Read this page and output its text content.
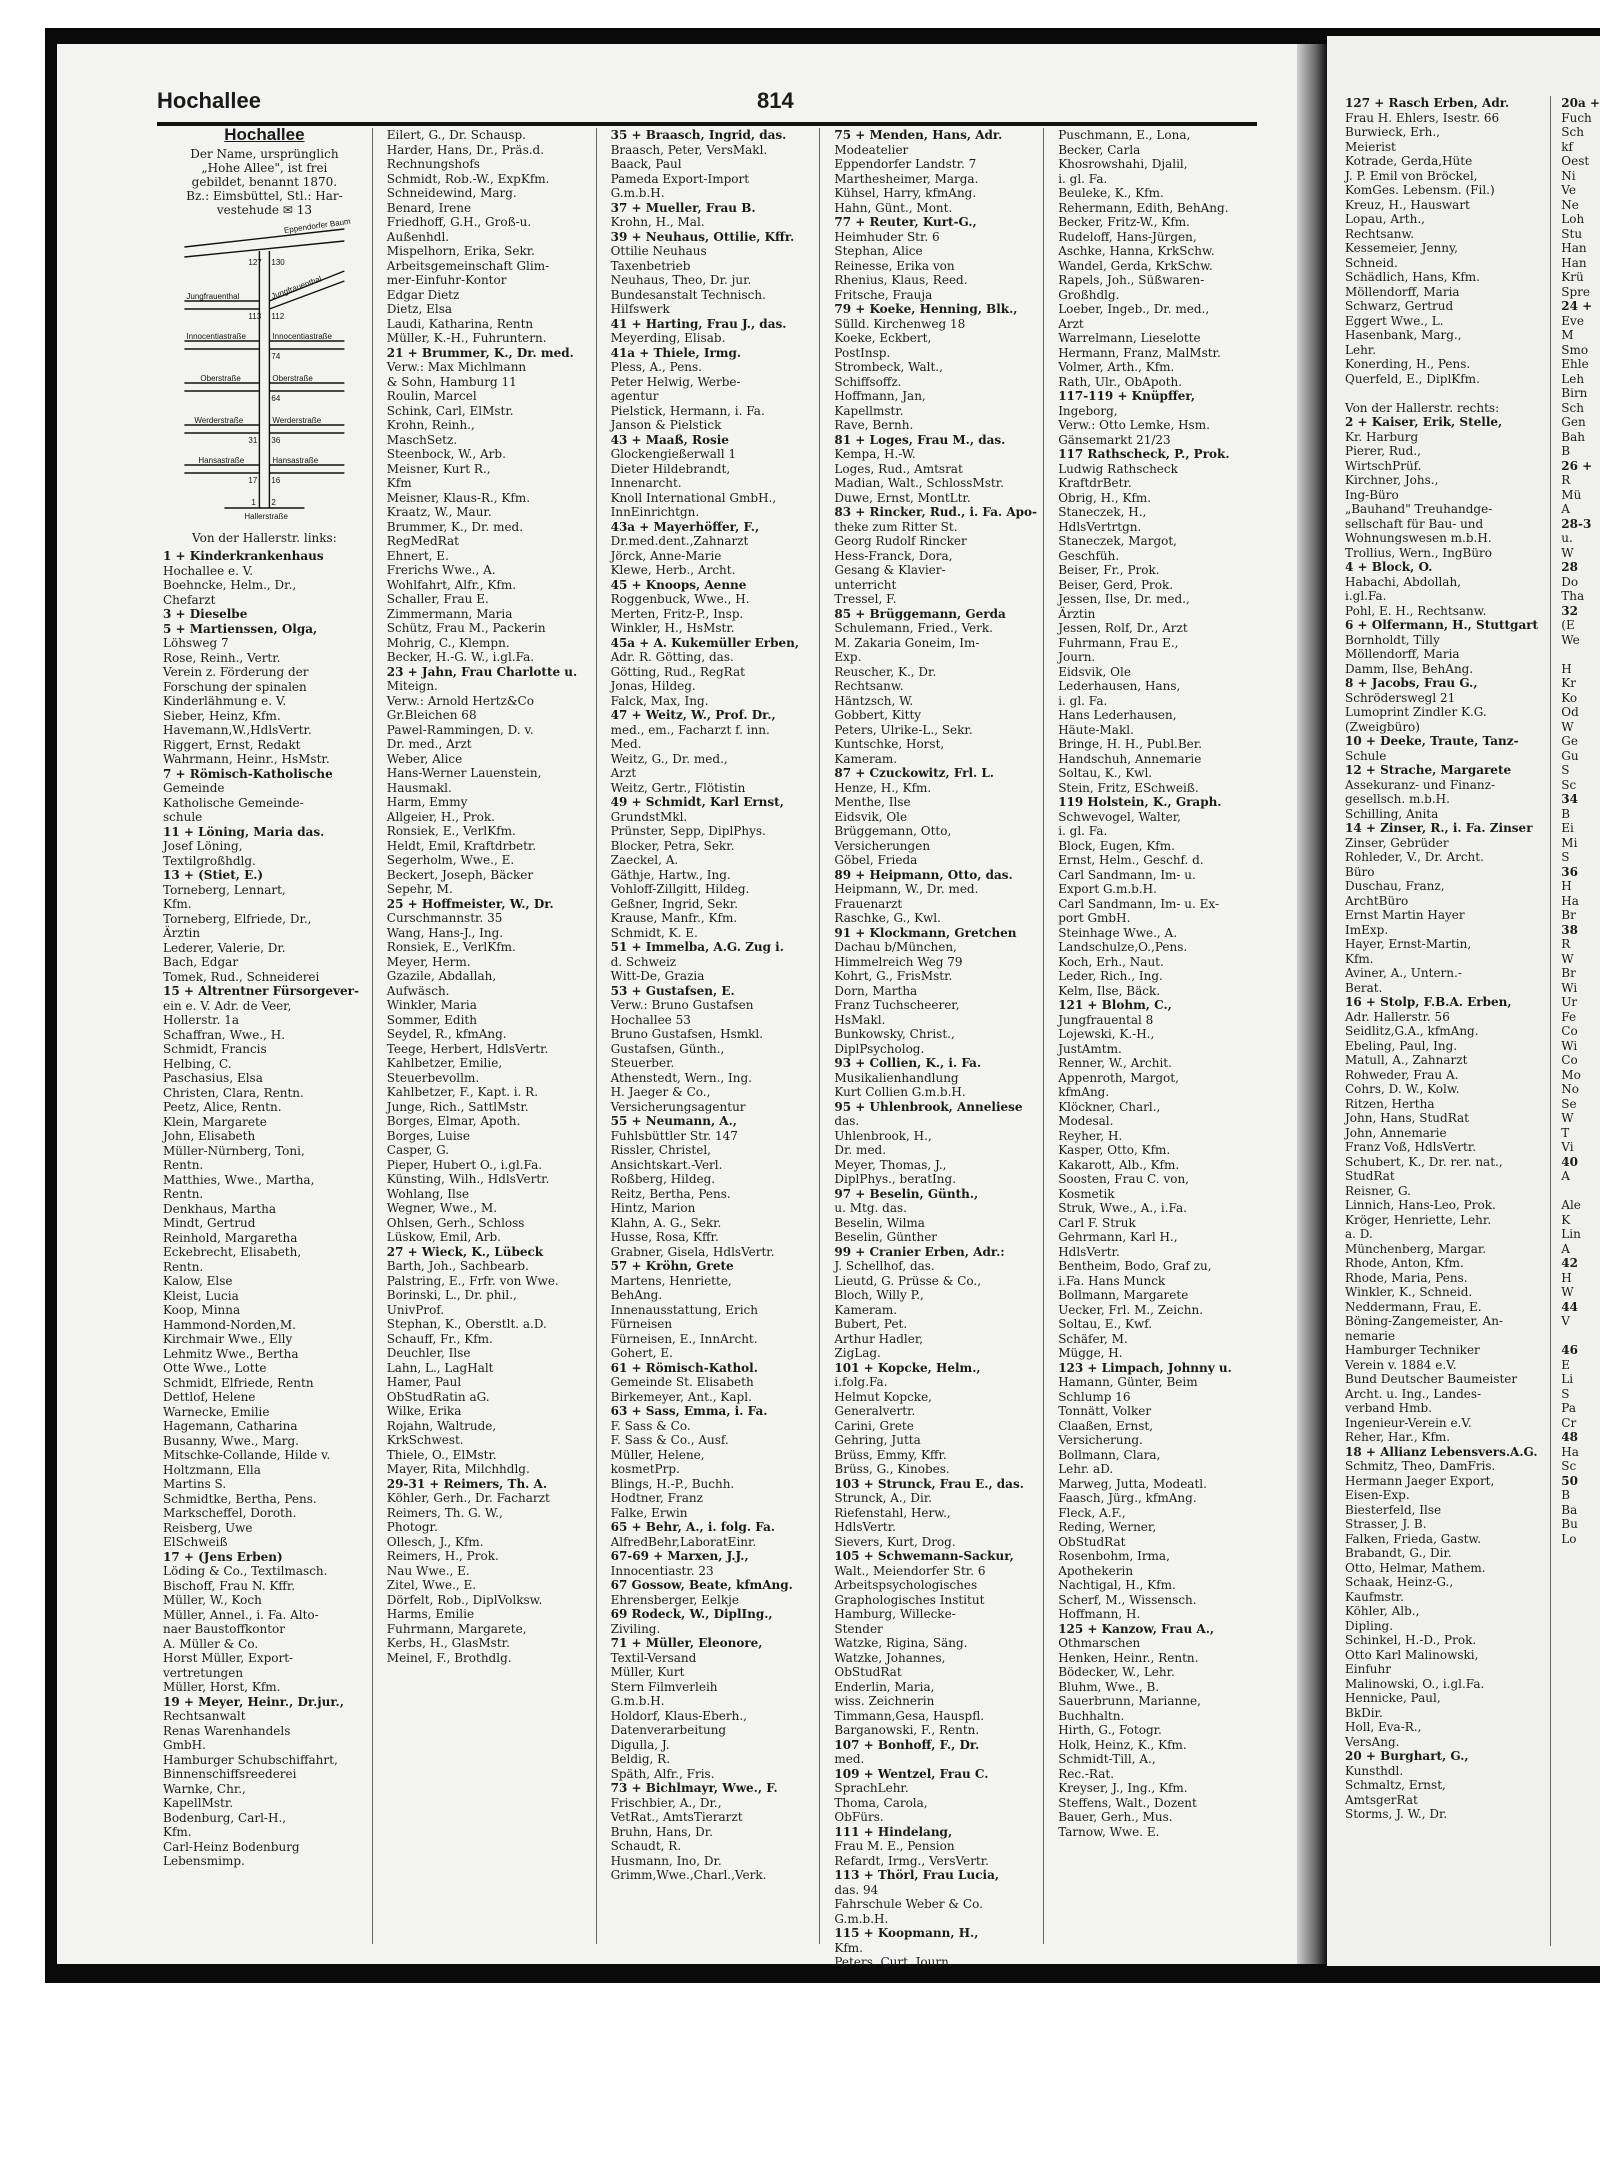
Hochallee	814
Hochallee
Der Name, ursprünglich
„Hohe Allee", ist frei
gebildet, benannt 1870.
Bz.: Eimsbüttel, Stl.: Har-
vestehude ✉ 13
Eppendorfer Baum
127 130
Jungfrauenthal	Jungfrauenthal
113 112
Innocentiastraße	Innocentiastraße
74
Oberstraße	Oberstraße
64
Werderstraße	Werderstraße
31 36
Hansastraße	Hansastraße
17 16
1 2
Hallerstraße
Von der Hallerstr. links:
1 + Kinderkrankenhaus
Hochallee e. V.
Boehncke, Helm., Dr.,
Chefarzt
3 + Dieselbe
5 + Martienssen, Olga,
Löhsweg 7
Rose, Reinh., Vertr.
Verein z. Förderung der
Forschung der spinalen
Kinderlähmung e. V.
Sieber, Heinz, Kfm.
Havemann,W.,HdlsVertr.
Riggert, Ernst, Redakt
Wahrmann, Heinr., HsMstr.
7 + Römisch-Katholische
Gemeinde
Katholische Gemeinde-
schule
11 + Löning, Maria das.
Josef Löning,
Textilgroßhdlg.
13 + (Stiet, E.)
Torneberg, Lennart,
Kfm.
Torneberg, Elfriede, Dr.,
Ärztin
Lederer, Valerie, Dr.
Bach, Edgar
Tomek, Rud., Schneiderei
15 + Altrentner Fürsorgever-
ein e. V. Adr. de Veer,
Hollerstr. 1a
Schaffran, Wwe., H.
Schmidt, Francis
Helbing, C.
Paschasius, Elsa
Christen, Clara, Rentn.
Peetz, Alice, Rentn.
Klein, Margarete
John, Elisabeth
Müller-Nürnberg, Toni,
Rentn.
Matthies, Wwe., Martha,
Rentn.
Denkhaus, Martha
Mindt, Gertrud
Reinhold, Margaretha
Eckebrecht, Elisabeth,
Rentn.
Kalow, Else
Kleist, Lucia
Koop, Minna
Hammond-Norden,M.
Kirchmair Wwe., Elly
Lehmitz Wwe., Bertha
Otte Wwe., Lotte
Schmidt, Elfriede, Rentn
Dettlof, Helene
Warnecke, Emilie
Hagemann, Catharina
Busanny, Wwe., Marg.
Mitschke-Collande, Hilde v.
Holtzmann, Ella
Martins S.
Schmidtke, Bertha, Pens.
Markscheffel, Doroth.
Reisberg, Uwe
ElSchweiß
17 + (Jens Erben)
Löding & Co., Textilmasch.
Bischoff, Frau N. Kffr.
Müller, W., Koch
Müller, Annel., i. Fa. Alto-
naer Baustoffkontor
A. Müller & Co.
Horst Müller, Export-
vertretungen
Müller, Horst, Kfm.
19 + Meyer, Heinr., Dr.jur.,
Rechtsanwalt
Renas Warenhandels
GmbH.
Hamburger Schubschiffahrt,
Binnenschiffsreederei
Warnke, Chr.,
KapellMstr.
Bodenburg, Carl-H.,
Kfm.
Carl-Heinz Bodenburg
Lebensmimp.
Eilert, G., Dr. Schausp.
Harder, Hans, Dr., Präs.d.
Rechnungshofs
Schmidt, Rob.-W., ExpKfm.
Schneidewind, Marg.
Benard, Irene
Friedhoff, G.H., Groß-u.
Außenhdl.
Mispelhorn, Erika, Sekr.
Arbeitsgemeinschaft Glim-
mer-Einfuhr-Kontor
Edgar Dietz
Dietz, Elsa
Laudi, Katharina, Rentn
Müller, K.-H., Fuhruntern.
21 + Brummer, K., Dr. med.
Verw.: Max Michlmann
& Sohn, Hamburg 11
Roulin, Marcel
Schink, Carl, ElMstr.
Krohn, Reinh.,
MaschSetz.
Steenbock, W., Arb.
Meisner, Kurt R.,
Kfm
Meisner, Klaus-R., Kfm.
Kraatz, W., Maur.
Brummer, K., Dr. med.
RegMedRat
Ehnert, E.
Frerichs Wwe., A.
Wohlfahrt, Alfr., Kfm.
Schaller, Frau E.
Zimmermann, Maria
Schütz, Frau M., Packerin
Mohrig, C., Klempn.
Becker, H.-G. W., i.gl.Fa.
23 + Jahn, Frau Charlotte u.
Miteign.
Verw.: Arnold Hertz&Co
Gr.Bleichen 68
Pawel-Rammingen, D. v.
Dr. med., Arzt
Weber, Alice
Hans-Werner Lauenstein,
Hausmakl.
Harm, Emmy
Allgeier, H., Prok.
Ronsiek, E., VerlKfm.
Heldt, Emil, Kraftdrbetr.
Segerholm, Wwe., E.
Beckert, Joseph, Bäcker
Sepehr, M.
25 + Hoffmeister, W., Dr.
Curschmannstr. 35
Wang, Hans-J., Ing.
Ronsiek, E., VerlKfm.
Meyer, Herm.
Gzazile, Abdallah,
Aufwäsch.
Winkler, Maria
Sommer, Edith
Seydel, R., kfmAng.
Teege, Herbert, HdlsVertr.
Kahlbetzer, Emilie,
Steuerbevollm.
Kahlbetzer, F., Kapt. i. R.
Junge, Rich., SattlMstr.
Borges, Elmar, Apoth.
Borges, Luise
Casper, G.
Pieper, Hubert O., i.gl.Fa.
Künsting, Wilh., HdlsVertr.
Wohlang, Ilse
Wegner, Wwe., M.
Ohlsen, Gerh., Schloss
Lüskow, Emil, Arb.
27 + Wieck, K., Lübeck
Barth, Joh., Sachbearb.
Palstring, E., Frfr. von Wwe.
Borinski, L., Dr. phil.,
UnivProf.
Stephan, K., Oberstlt. a.D.
Schauff, Fr., Kfm.
Deuchler, Ilse
Lahn, L., LagHalt
Hamer, Paul
ObStudRatin aG.
Wilke, Erika
Rojahn, Waltrude,
KrkSchwest.
Thiele, O., ElMstr.
Mayer, Rita, Milchhdlg.
29-31 + Reimers, Th. A.
Köhler, Gerh., Dr. Facharzt
Reimers, Th. G. W.,
Photogr.
Ollesch, J., Kfm.
Reimers, H., Prok.
Nau Wwe., E.
Zitel, Wwe., E.
Dörfelt, Rob., DiplVolksw.
Harms, Emilie
Fuhrmann, Margarete,
Kerbs, H., GlasMstr.
Meinel, F., Brothdlg.
35 + Braasch, Ingrid, das.
Braasch, Peter, VersMakl.
Baack, Paul
Pameda Export-Import
G.m.b.H.
37 + Mueller, Frau B.
Krohn, H., Mal.
39 + Neuhaus, Ottilie, Kffr.
Ottilie Neuhaus
Taxenbetrieb
Neuhaus, Theo, Dr. jur.
Bundesanstalt Technisch.
Hilfswerk
41 + Harting, Frau J., das.
Meyerding, Elisab.
41a + Thiele, Irmg.
Pless, A., Pens.
Peter Helwig, Werbe-
agentur
Pielstick, Hermann, i. Fa.
Janson & Pielstick
43 + Maaß, Rosie
Glockengießerwall 1
Dieter Hildebrandt,
Innenarcht.
Knoll International GmbH.,
InnEinrichtgn.
43a + Mayerhöffer, F.,
Dr.med.dent.,Zahnarzt
Jörck, Anne-Marie
Klewe, Herb., Archt.
45 + Knoops, Aenne
Roggenbuck, Wwe., H.
Merten, Fritz-P., Insp.
Winkler, H., HsMstr.
45a + A. Kukemüller Erben,
Adr. R. Götting, das.
Götting, Rud., RegRat
Jonas, Hildeg.
Falck, Max, Ing.
47 + Weitz, W., Prof. Dr.,
med., em., Facharzt f. inn.
Med.
Weitz, G., Dr. med.,
Arzt
Weitz, Gertr., Flötistin
49 + Schmidt, Karl Ernst,
GrundstMkl.
Prünster, Sepp, DiplPhys.
Blocker, Petra, Sekr.
Zaeckel, A.
Gäthje, Hartw., Ing.
Vohloff-Zillgitt, Hildeg.
Geßner, Ingrid, Sekr.
Krause, Manfr., Kfm.
Schmidt, K. E.
51 + Immelba, A.G. Zug i.
d. Schweiz
Witt-De, Grazia
53 + Gustafsen, E.
Verw.: Bruno Gustafsen
Hochallee 53
Bruno Gustafsen, Hsmkl.
Gustafsen, Günth.,
Steuerber.
Athenstedt, Wern., Ing.
H. Jaeger & Co.,
Versicherungsagentur
55 + Neumann, A.,
Fuhlsbüttler Str. 147
Rissler, Christel,
Ansichtskart.-Verl.
Roßberg, Hildeg.
Reitz, Bertha, Pens.
Hintz, Marion
Klahn, A. G., Sekr.
Husse, Rosa, Kffr.
Grabner, Gisela, HdlsVertr.
57 + Kröhn, Grete
Martens, Henriette,
BehAng.
Innenausstattung, Erich
Fürneisen
Fürneisen, E., InnArcht.
Gohert, E.
61 + Römisch-Kathol.
Gemeinde St. Elisabeth
Birkemeyer, Ant., Kapl.
63 + Sass, Emma, i. Fa.
F. Sass & Co.
F. Sass & Co., Ausf.
Müller, Helene,
kosmetPrp.
Blings, H.-P., Buchh.
Hodtner, Franz
Falke, Erwin
65 + Behr, A., i. folg. Fa.
AlfredBehr,LaboratEinr.
67-69 + Marxen, J.J.,
Innocentiastr. 23
67 Gossow, Beate, kfmAng.
Ehrensberger, Eelkje
69 Rodeck, W., DiplIng.,
Ziviling.
71 + Müller, Eleonore,
Textil-Versand
Müller, Kurt
Stern Filmverleih
G.m.b.H.
Holdorf, Klaus-Eberh.,
Datenverarbeitung
Digulla, J.
Beldig, R.
Späth, Alfr., Fris.
73 + Bichlmayr, Wwe., F.
Frischbier, A., Dr.,
VetRat., AmtsTierarzt
Bruhn, Hans, Dr.
Schaudt, R.
Husmann, Ino, Dr.
Grimm,Wwe.,Charl.,Verk.
75 + Menden, Hans, Adr.
Modeatelier
Eppendorfer Landstr. 7
Marthesheimer, Marga.
Kühsel, Harry, kfmAng.
Hahn, Günt., Mont.
77 + Reuter, Kurt-G.,
Heimhuder Str. 6
Stephan, Alice
Reinesse, Erika von
Rhenius, Klaus, Reed.
Fritsche, Frauja
79 + Koeke, Henning, Blk.,
Sülld. Kirchenweg 18
Koeke, Eckbert,
PostInsp.
Strombeck, Walt.,
Schiffsoffz.
Hoffmann, Jan,
Kapellmstr.
Rave, Bernh.
81 + Loges, Frau M., das.
Kempa, H.-W.
Loges, Rud., Amtsrat
Madian, Walt., SchlossMstr.
Duwe, Ernst, MontLtr.
83 + Rincker, Rud., i. Fa. Apo-
theke zum Ritter St.
Georg Rudolf Rincker
Hess-Franck, Dora,
Gesang & Klavier-
unterricht
Tressel, F.
85 + Brüggemann, Gerda
Schulemann, Fried., Verk.
M. Zakaria Goneim, Im-
Exp.
Reuscher, K., Dr.
Rechtsanw.
Häntzsch, W.
Gobbert, Kitty
Peters, Ulrike-L., Sekr.
Kuntschke, Horst,
Kameram.
87 + Czuckowitz, Frl. L.
Henze, H., Kfm.
Menthe, Ilse
Eidsvik, Ole
Brüggemann, Otto,
Versicherungen
Göbel, Frieda
89 + Heipmann, Otto, das.
Heipmann, W., Dr. med.
Frauenarzt
Raschke, G., Kwl.
91 + Klockmann, Gretchen
Dachau b/München,
Himmelreich Weg 79
Kohrt, G., FrisMstr.
Dorn, Martha
Franz Tuchscheerer,
HsMakl.
Bunkowsky, Christ.,
DiplPsycholog.
93 + Collien, K., i. Fa.
Musikalienhandlung
Kurt Collien G.m.b.H.
95 + Uhlenbrook, Anneliese
das.
Uhlenbrook, H.,
Dr. med.
Meyer, Thomas, J.,
DiplPhys., beratIng.
97 + Beselin, Günth.,
u. Mtg. das.
Beselin, Wilma
Beselin, Günther
99 + Cranier Erben, Adr.:
J. Schellhof, das.
Lieutd, G. Prüsse & Co.,
Bloch, Willy P.,
Kameram.
Bubert, Pet.
Arthur Hadler,
ZigLag.
101 + Kopcke, Helm.,
i.folg.Fa.
Helmut Kopcke,
Generalvertr.
Carini, Grete
Gehring, Jutta
Brüss, Emmy, Kffr.
Brüss, G., Kinobes.
103 + Strunck, Frau E., das.
Strunck, A., Dir.
Riefenstahl, Herw.,
HdlsVertr.
Sievers, Kurt, Drog.
105 + Schwemann-Sackur,
Walt., Meiendorfer Str. 6
Arbeitspsychologisches
Graphologisches Institut
Hamburg, Willecke-
Stender
Watzke, Rigina, Säng.
Watzke, Johannes,
ObStudRat
Enderlin, Maria,
wiss. Zeichnerin
Timmann,Gesa, Hauspfl.
Barganowski, F., Rentn.
107 + Bonhoff, F., Dr.
med.
109 + Wentzel, Frau C.
SprachLehr.
Thoma, Carola,
ObFürs.
111 + Hindelang,
Frau M. E., Pension
Refardt, Irmg., VersVertr.
113 + Thörl, Frau Lucia,
das. 94
Fahrschule Weber & Co.
G.m.b.H.
115 + Koopmann, H.,
Kfm.
Peters, Curt, Journ.
Puschmann, E., Lona,
Becker, Carla
Khosrowshahi, Djalil,
i. gl. Fa.
Beuleke, K., Kfm.
Rehermann, Edith, BehAng.
Becker, Fritz-W., Kfm.
Rudeloff, Hans-Jürgen,
Aschke, Hanna, KrkSchw.
Wandel, Gerda, KrkSchw.
Rapels, Joh., Süßwaren-
Großhdlg.
Loeber, Ingeb., Dr. med.,
Arzt
Warrelmann, Lieselotte
Hermann, Franz, MalMstr.
Volmer, Arth., Kfm.
Rath, Ulr., ObApoth.
117-119 + Knüpffer,
Ingeborg,
Verw.: Otto Lemke, Hsm.
Gänsemarkt 21/23
117 Rathscheck, P., Prok.
Ludwig Rathscheck
KraftdrBetr.
Obrig, H., Kfm.
Staneczek, H.,
HdlsVertrtgn.
Staneczek, Margot,
Geschfüh.
Beiser, Fr., Prok.
Beiser, Gerd, Prok.
Jessen, Ilse, Dr. med.,
Ärztin
Jessen, Rolf, Dr., Arzt
Fuhrmann, Frau E.,
Journ.
Eidsvik, Ole
Lederhausen, Hans,
i. gl. Fa.
Hans Lederhausen,
Häute-Makl.
Bringe, H. H., Publ.Ber.
Handschuh, Annemarie
Soltau, K., Kwl.
Stein, Fritz, ESchweiß.
119 Holstein, K., Graph.
Schwevogel, Walter,
i. gl. Fa.
Block, Eugen, Kfm.
Ernst, Helm., Geschf. d.
Carl Sandmann, Im- u.
Export G.m.b.H.
Carl Sandmann, Im- u. Ex-
port GmbH.
Steinhage Wwe., A.
Landschulze,O.,Pens.
Koch, Erh., Naut.
Leder, Rich., Ing.
Kelm, Ilse, Bäck.
121 + Blohm, C.,
Jungfrauental 8
Lojewski, K.-H.,
JustAmtm.
Renner, W., Archit.
Appenroth, Margot,
kfmAng.
Klöckner, Charl.,
Modesal.
Reyher, H.
Kasper, Otto, Kfm.
Kakarott, Alb., Kfm.
Soosten, Frau C. von,
Kosmetik
Struk, Wwe., A., i.Fa.
Carl F. Struk
Gehrmann, Karl H.,
HdlsVertr.
Bentheim, Bodo, Graf zu,
i.Fa. Hans Munck
Bollmann, Margarete
Uecker, Frl. M., Zeichn.
Soltau, E., Kwf.
Schäfer, M.
Mügge, H.
123 + Limpach, Johnny u.
Hamann, Günter, Beim
Schlump 16
Tonnätt, Volker
Claaßen, Ernst,
Versicherung.
Bollmann, Clara,
Lehr. aD.
Marweg, Jutta, Modeatl.
Faasch, Jürg., kfmAng.
Fleck, A.F.,
Reding, Werner,
ObStudRat
Rosenbohm, Irma,
Apothekerin
Nachtigal, H., Kfm.
Scherf, M., Wissensch.
Hoffmann, H.
125 + Kanzow, Frau A.,
Othmarschen
Henken, Heinr., Rentn.
Bödecker, W., Lehr.
Bluhm, Wwe., B.
Sauerbrunn, Marianne,
Buchhaltn.
Hirth, G., Fotogr.
Holk, Heinz, K., Kfm.
Schmidt-Till, A.,
Rec.-Rat.
Kreyser, J., Ing., Kfm.
Steffens, Walt., Dozent
Bauer, Gerh., Mus.
Tarnow, Wwe. E.
127 + Rasch Erben, Adr.
Frau H. Ehlers, Isestr. 66
Burwieck, Erh.,
Meierist
Kotrade, Gerda,Hüte
J. P. Emil von Bröckel,
KomGes. Lebensm. (Fil.)
Kreuz, H., Hauswart
Lopau, Arth.,
Rechtsanw.
Kessemeier, Jenny,
Schneid.
Schädlich, Hans, Kfm.
Möllendorff, Maria
Schwarz, Gertrud
Eggert Wwe., L.
Hasenbank, Marg.,
Lehr.
Konerding, H., Pens.
Querfeld, E., DiplKfm.

Von der Hallerstr. rechts:
2 + Kaiser, Erik, Stelle,
Kr. Harburg
Pierer, Rud.,
WirtschPrüf.
Kirchner, Johs.,
Ing-Büro
„Bauhand" Treuhandge-
sellschaft für Bau- und
Wohnungswesen m.b.H.
Trollius, Wern., IngBüro
4 + Block, O.
Habachi, Abdollah,
i.gl.Fa.
Pohl, E. H., Rechtsanw.
6 + Olfermann, H., Stuttgart
Bornholdt, Tilly
Möllendorff, Maria
Damm, Ilse, BehAng.
8 + Jacobs, Frau G.,
Schröderswegl 21
Lumoprint Zindler K.G.
(Zweigbüro)
10 + Deeke, Traute, Tanz-
Schule
12 + Strache, Margarete
Assekuranz- und Finanz-
gesellsch. m.b.H.
Schilling, Anita
14 + Zinser, R., i. Fa. Zinser
Zinser, Gebrüder
Rohleder, V., Dr. Archt.
Büro
Duschau, Franz,
ArchtBüro
Ernst Martin Hayer
ImExp.
Hayer, Ernst-Martin,
Kfm.
Aviner, A., Untern.-
Berat.
16 + Stolp, F.B.A. Erben,
Adr. Hallerstr. 56
Seidlitz,G.A., kfmAng.
Ebeling, Paul, Ing.
Matull, A., Zahnarzt
Rohweder, Frau A.
Cohrs, D. W., Kolw.
Ritzen, Hertha
John, Hans, StudRat
John, Annemarie
Franz Voß, HdlsVertr.
Schubert, K., Dr. rer. nat.,
StudRat
Reisner, G.
Linnich, Hans-Leo, Prok.
Kröger, Henriette, Lehr.
a. D.
Münchenberg, Margar.
Rhode, Anton, Kfm.
Rhode, Maria, Pens.
Winkler, K., Schneid.
Neddermann, Frau, E.
Böning-Zangemeister, An-
nemarie
Hamburger Techniker
Verein v. 1884 e.V.
Bund Deutscher Baumeister
Archt. u. Ing., Landes-
verband Hmb.
Ingenieur-Verein e.V.
Reher, Har., Kfm.
18 + Allianz Lebensvers.A.G.
Schmitz, Theo, DamFris.
Hermann Jaeger Export,
Eisen-Exp.
Biesterfeld, Ilse
Strasser, J. B.
Falken, Frieda, Gastw.
Brabandt, G., Dir.
Otto, Helmar, Mathem.
Schaak, Heinz-G.,
Kaufmstr.
Köhler, Alb.,
Dipling.
Schinkel, H.-D., Prok.
Otto Karl Malinowski,
Einfuhr
Malinowski, O., i.gl.Fa.
Hennicke, Paul,
BkDir.
Holl, Eva-R.,
VersAng.
20 + Burghart, G.,
Kunsthdl.
Schmaltz, Ernst,
AmtsgerRat
Storms, J. W., Dr.
20a +
Fuch
Sch
kf
Oest
Ni
Ve
Ne
Loh
Stu
Han
Han
Krü
Spre
24 +
Eve
M
Smo
Ehle
Leh
Birn
Sch
Gen
Bah
B
26 +
R
Mü
A
28-3
u.
W
28
Do
Tha
32
(E
We

H
Kr
Ko
Od
W
Ge
Gu
S
Sc
34
B
Ei
Mi
S
36
H
Ha
Br
38
R
W
Br
Wi
Ur
Fe
Co
Wi
Co
Mo
No
Se
W
T
Vi
40
A

Ale
K
Lin
A
42
H
W
44
V

46
E
Li
S
Pa
Cr
48
Ha
Sc
50
B
Ba
Bu
Lo
